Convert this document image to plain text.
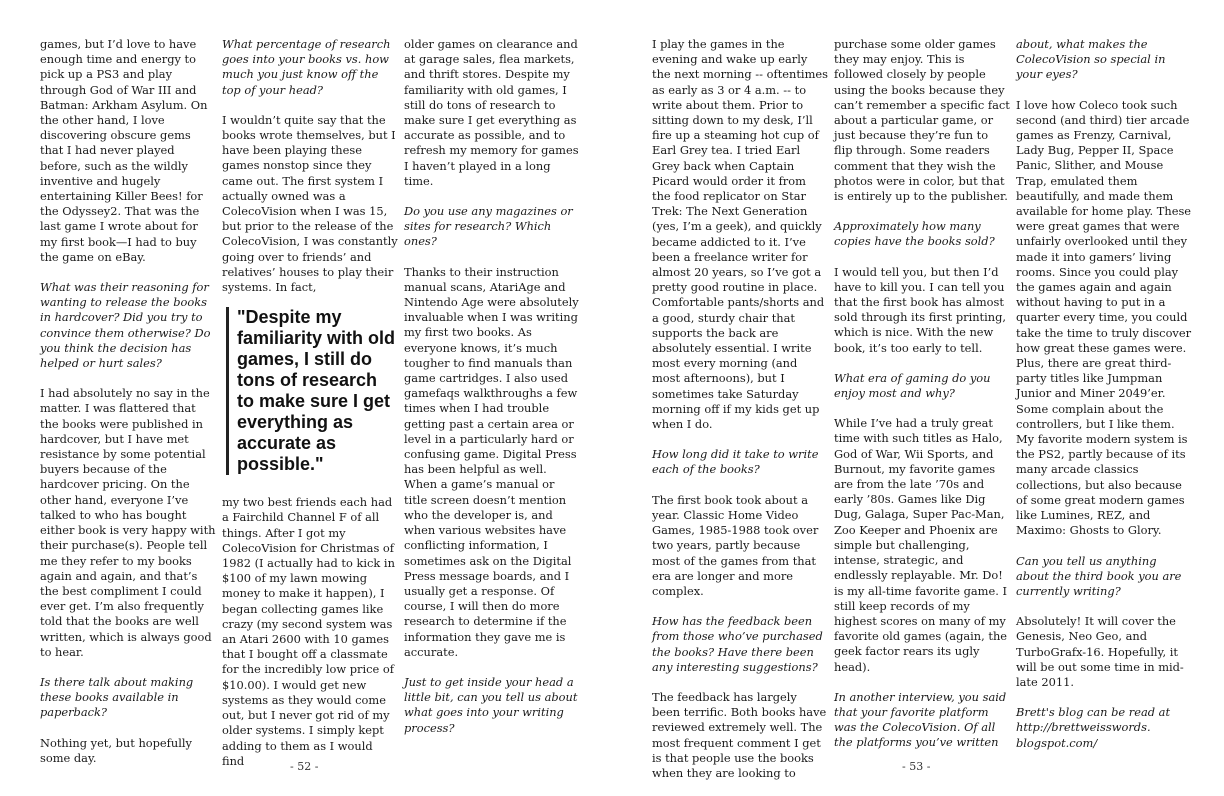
games, but I’d love to have enough time and energy to pick up a PS3 and play through God of War III and Batman: Arkham Asylum. On the other hand, I love discovering obscure gems that I had never played before, such as the wildly inventive and hugely entertaining Killer Bees! for the Odyssey2. That was the last game I wrote about for my first book—I had to buy the game on eBay.

What was their reasoning for wanting to release the books in hardcover? Did you try to convince them otherwise? Do you think the decision has helped or hurt sales?

I had absolutely no say in the matter. I was flattered that the books were published in hardcover, but I have met resistance by some potential buyers because of the hardcover pricing. On the other hand, everyone I’ve talked to who has bought either book is very happy with their purchase(s). People tell me they refer to my books again and again, and that’s the best compliment I could ever get. I’m also frequently told that the books are well written, which is always good to hear.

Is there talk about making these books available in paperback?

Nothing yet, but hopefully some day.

What percentage of research goes into your books vs. how much you just know off the top of your head?

I wouldn’t quite say that the books wrote themselves, but I have been playing these games nonstop since they came out. The first system I actually owned was a ColecoVision when I was 15, but prior to the release of the ColecoVision, I was constantly going over to friends’ and relatives’ houses to play their systems. In fact,

"Despite my familiarity with old games, I still do tons of research to make sure I get everything as accurate as possible."

my two best friends each had a Fairchild Channel F of all things. After I got my ColecoVision for Christmas of 1982 (I actually had to kick in $100 of my lawn mowing money to make it happen), I began collecting games like crazy (my second system was an Atari 2600 with 10 games that I bought off a classmate for the incredibly low price of $10.00). I would get new systems as they would come out, but I never got rid of my older systems. I simply kept adding to them as I would find

older games on clearance and at garage sales, flea markets, and thrift stores. Despite my familiarity with old games, I still do tons of research to make sure I get everything as accurate as possible, and to refresh my memory for games I haven’t played in a long time.

Do you use any magazines or sites for research? Which ones?

Thanks to their instruction manual scans, AtariAge and Nintendo Age were absolutely invaluable when I was writing my first two books. As everyone knows, it’s much tougher to find manuals than game cartridges. I also used gamefaqs walkthroughs a few times when I had trouble getting past a certain area or level in a particularly hard or confusing game. Digital Press has been helpful as well. When a game’s manual or title screen doesn’t mention who the developer is, and when various websites have conflicting information, I sometimes ask on the Digital Press message boards, and I usually get a response. Of course, I will then do more research to determine if the information they gave me is accurate.

Just to get inside your head a little bit, can you tell us about what goes into your writing process?

I play the games in the evening and wake up early the next morning -- oftentimes as early as 3 or 4 a.m. -- to write about them. Prior to sitting down to my desk, I’ll fire up a steaming hot cup of Earl Grey tea. I tried Earl Grey back when Captain Picard would order it from the food replicator on Star Trek: The Next Generation (yes, I’m a geek), and quickly became addicted to it. I’ve been a freelance writer for almost 20 years, so I’ve got a pretty good routine in place. Comfortable pants/shorts and a good, sturdy chair that supports the back are absolutely essential. I write most every morning (and most afternoons), but I sometimes take Saturday morning off if my kids get up when I do.

How long did it take to write each of the books?

The first book took about a year. Classic Home Video Games, 1985-1988 took over two years, partly because most of the games from that era are longer and more complex.

How has the feedback been from those who’ve purchased the books? Have there been any interesting suggestions?

The feedback has largely been terrific. Both books have reviewed extremely well. The most frequent comment I get is that people use the books when they are looking to

purchase some older games they may enjoy. This is followed closely by people using the books because they can’t remember a specific fact about a particular game, or just because they’re fun to flip through. Some readers comment that they wish the photos were in color, but that is entirely up to the publisher.

Approximately how many copies have the books sold?

I would tell you, but then I’d have to kill you. I can tell you that the first book has almost sold through its first printing, which is nice. With the new book, it’s too early to tell.

What era of gaming do you enjoy most and why?

While I’ve had a truly great time with such titles as Halo, God of War, Wii Sports, and Burnout, my favorite games are from the late ’70s and early ’80s. Games like Dig Dug, Galaga, Super Pac-Man, Zoo Keeper and Phoenix are simple but challenging, intense, strategic, and endlessly replayable. Mr. Do! is my all-time favorite game. I still keep records of my highest scores on many of my favorite old games (again, the geek factor rears its ugly head).

In another interview, you said that your favorite platform was the ColecoVision. Of all the platforms you’ve written

about, what makes the ColecoVision so special in your eyes?

I love how Coleco took such second (and third) tier arcade games as Frenzy, Carnival, Lady Bug, Pepper II, Space Panic, Slither, and Mouse Trap, emulated them beautifully, and made them available for home play. These were great games that were unfairly overlooked until they made it into gamers’ living rooms. Since you could play the games again and again without having to put in a quarter every time, you could take the time to truly discover how great these games were. Plus, there are great third-party titles like Jumpman Junior and Miner 2049’er. Some complain about the controllers, but I like them. My favorite modern system is the PS2, partly because of its many arcade classics collections, but also because of some great modern games like Lumines, REZ, and Maximo: Ghosts to Glory.

Can you tell us anything about the third book you are currently writing?

Absolutely! It will cover the Genesis, Neo Geo, and TurboGrafx-16. Hopefully, it will be out some time in mid-late 2011.

Brett's blog can be read at http://brettweisswords. blogspot.com/

- 52 -	- 53 -
